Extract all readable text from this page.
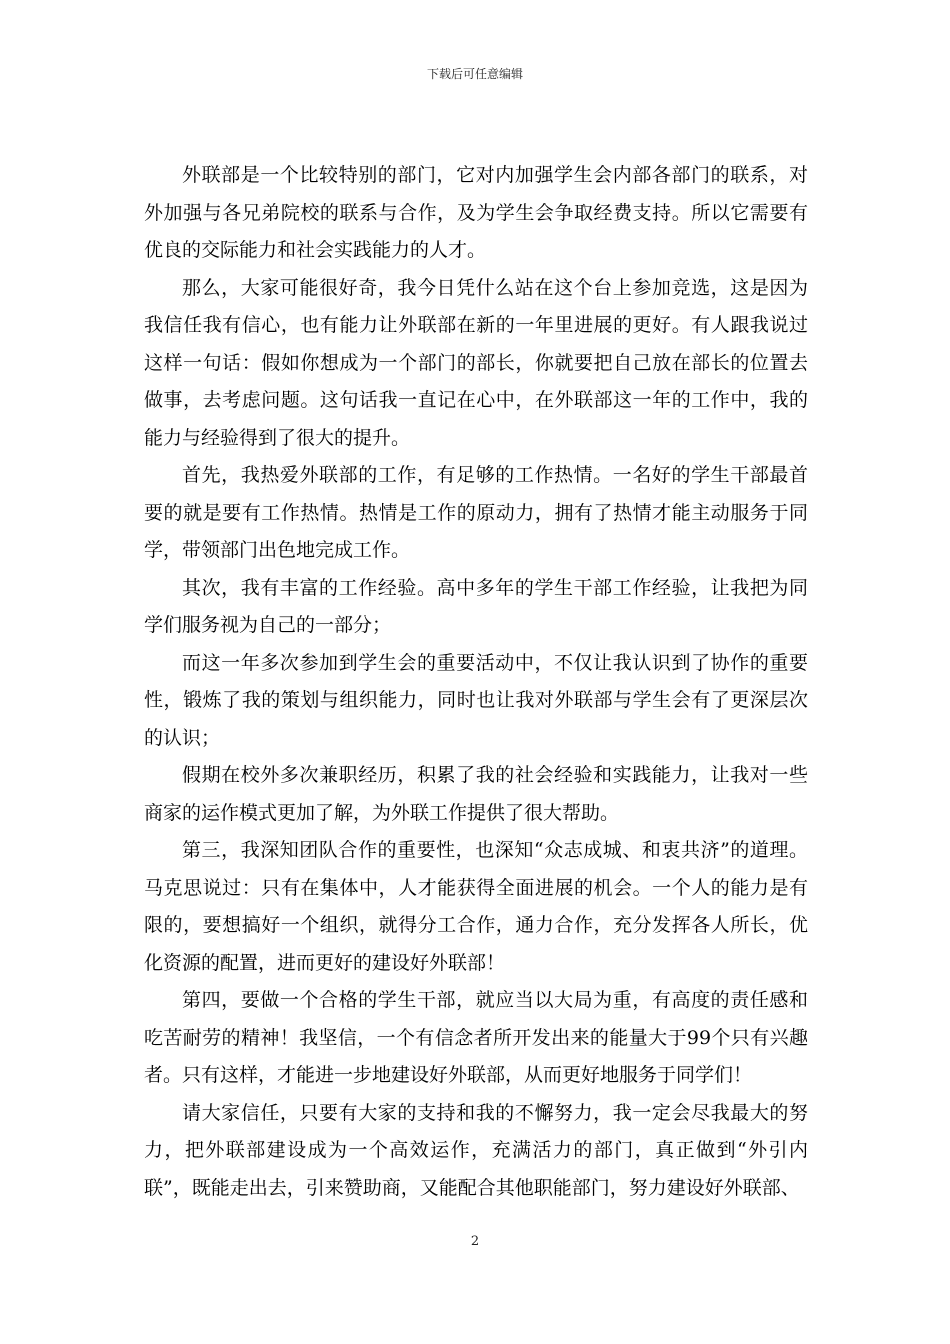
下载后可任意编辑

外联部是一个比较特别的部门，它对内加强学生会内部各部门的联系，对外加强与各兄弟院校的联系与合作，及为学生会争取经费支持。所以它需要有优良的交际能力和社会实践能力的人才。

那么，大家可能很好奇，我今日凭什么站在这个台上参加竞选，这是因为我信任我有信心，也有能力让外联部在新的一年里进展的更好。有人跟我说过这样一句话：假如你想成为一个部门的部长，你就要把自己放在部长的位置去做事，去考虑问题。这句话我一直记在心中，在外联部这一年的工作中，我的能力与经验得到了很大的提升。

首先，我热爱外联部的工作，有足够的工作热情。一名好的学生干部最首要的就是要有工作热情。热情是工作的原动力，拥有了热情才能主动服务于同学，带领部门出色地完成工作。

其次，我有丰富的工作经验。高中多年的学生干部工作经验，让我把为同学们服务视为自己的一部分；

而这一年多次参加到学生会的重要活动中，不仅让我认识到了协作的重要性，锻炼了我的策划与组织能力，同时也让我对外联部与学生会有了更深层次的认识；

假期在校外多次兼职经历，积累了我的社会经验和实践能力，让我对一些商家的运作模式更加了解，为外联工作提供了很大帮助。

第三，我深知团队合作的重要性，也深知“众志成城、和衷共济”的道理。马克思说过：只有在集体中，人才能获得全面进展的机会。一个人的能力是有限的，要想搞好一个组织，就得分工合作，通力合作，充分发挥各人所长，优化资源的配置，进而更好的建设好外联部！

第四，要做一个合格的学生干部，就应当以大局为重，有高度的责任感和吃苦耐劳的精神！我坚信，一个有信念者所开发出来的能量大于99个只有兴趣者。只有这样，才能进一步地建设好外联部，从而更好地服务于同学们！

请大家信任，只要有大家的支持和我的不懈努力，我一定会尽我最大的努力，把外联部建设成为一个高效运作，充满活力的部门，真正做到“外引内联”，既能走出去，引来赞助商，又能配合其他职能部门，努力建设好外联部、

2
